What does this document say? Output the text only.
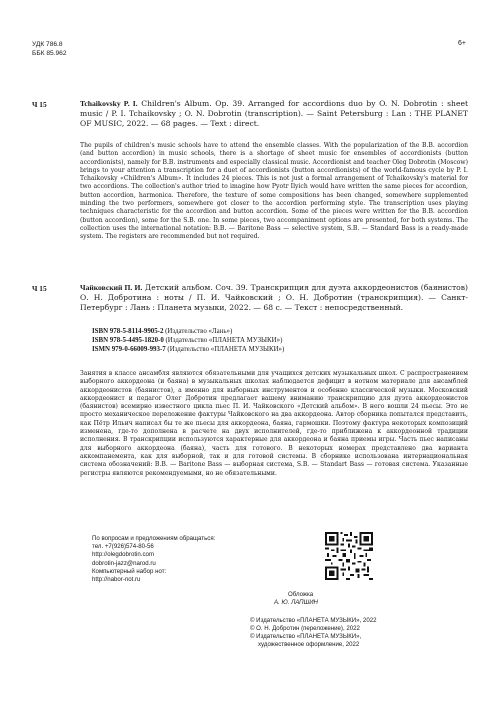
УДК 786.8
ББК 85.962
6+
Ч 15	Tchaikovsky P. I. Children's Album. Op. 39. Arranged for accordions duo by O. N. Dobrotin : sheet music / P. I. Tchaikovsky ; O. N. Dobrotin (transcription). — Saint Petersburg : Lan : THE PLANET OF MUSIC, 2022. — 68 pages. — Text : direct.
The pupils of children's music schools have to attend the ensemble classes. With the popularization of the B.B. accordion (and button accordion) in music schools, there is a shortage of sheet music for ensembles of accordionists (button accordionists), namely for B.B. instruments and especially classical music. Accordionist and teacher Oleg Dobrotin (Moscow) brings to your attention a transcription for a duet of accordionists (button accordionists) of the world-famous cycle by P. I. Tchaikovsky «Children's Album». It includes 24 pieces. This is not just a formal arrangement of Tchaikovsky's material for two accordions. The collection's author tried to imagine how Pyotr Ilyich would have written the same pieces for accordion, button accordion, harmonica. Therefore, the texture of some compositions has been changed, somewhere supplemented minding the two performers, somewhere got closer to the accordion performing style. The transcription uses playing techniques characteristic for the accordion and button accordion. Some of the pieces were written for the B.B. accordion (button accordion), some for the S.B. one. In some pieces, two accompaniment options are presented, for both systems. The collection uses the international notation: B.B. — Baritone Bass — selective system, S.B. — Standard Bass is a ready-made system. The registers are recommended but not required.
Ч 15	Чайковский П. И. Детский альбом. Соч. 39. Транскрипция для дуэта аккордеонистов (баянистов) О. Н. Добротина : ноты / П. И. Чайковский ; О. Н. Добротин (транскрипция). — Санкт-Петербург : Лань : Планета музыки, 2022. — 68 с. — Текст : непосредственный.
ISBN 978-5-8114-9905-2 (Издательство «Лань»)
ISBN 978-5-4495-1820-0 (Издательство «ПЛАНЕТА МУЗЫКИ»)
ISMN 979-0-66009-993-7 (Издательство «ПЛАНЕТА МУЗЫКИ»)
Занятия в классе ансамбля являются обязательными для учащихся детских музыкальных школ. С распространением выборного аккордеона (и баяна) в музыкальных школах наблюдается дефицит в нотном материале для ансамблей аккордеонистов (баянистов), а именно для выборных инструментов и особенно классической музыки. Московский аккордеонист и педагог Олег Добротин предлагает вашему вниманию транскрипцию для дуэта аккордеонистов (баянистов) всемирно известного цикла пьес П. И. Чайковского «Детский альбом». В него вошли 24 пьесы. Это не просто механическое переложение фактуры Чайковского на два аккордеона. Автор сборника попытался представить, как Пётр Ильич написал бы те же пьесы для аккордеона, баяна, гармошки. Поэтому фактура некоторых композиций изменена, где-то дополнена в расчете на двух исполнителей, где-то приближена к аккордеонной традиции исполнения. В транскрипции используются характерные для аккордеона и баяна приемы игры. Часть пьес написаны для выборного аккордеона (баяна), часть для готового. В некоторых номерах представлено два варианта аккомпанемента, как для выборной, так и для готовой системы. В сборнике использована интернациональная система обозначений: B.B. — Baritone Bass — выборная система, S.B. — Standart Bass — готовая система. Указанные регистры являются рекомендуемыми, но не обязательными.
По вопросам и предложениям обращаться:
тел. +7(926)574-80-56
http://olegdobrotin.com
dobrotin-jazz@narod.ru
Компьютерный набор нот:
http://nabor-not.ru
Обложка
А. Ю. ЛАПШИН
© Издательство «ПЛАНЕТА МУЗЫКИ», 2022
© О. Н. Добротин (переложение), 2022
© Издательство «ПЛАНЕТА МУЗЫКИ»,
художественное оформление, 2022
